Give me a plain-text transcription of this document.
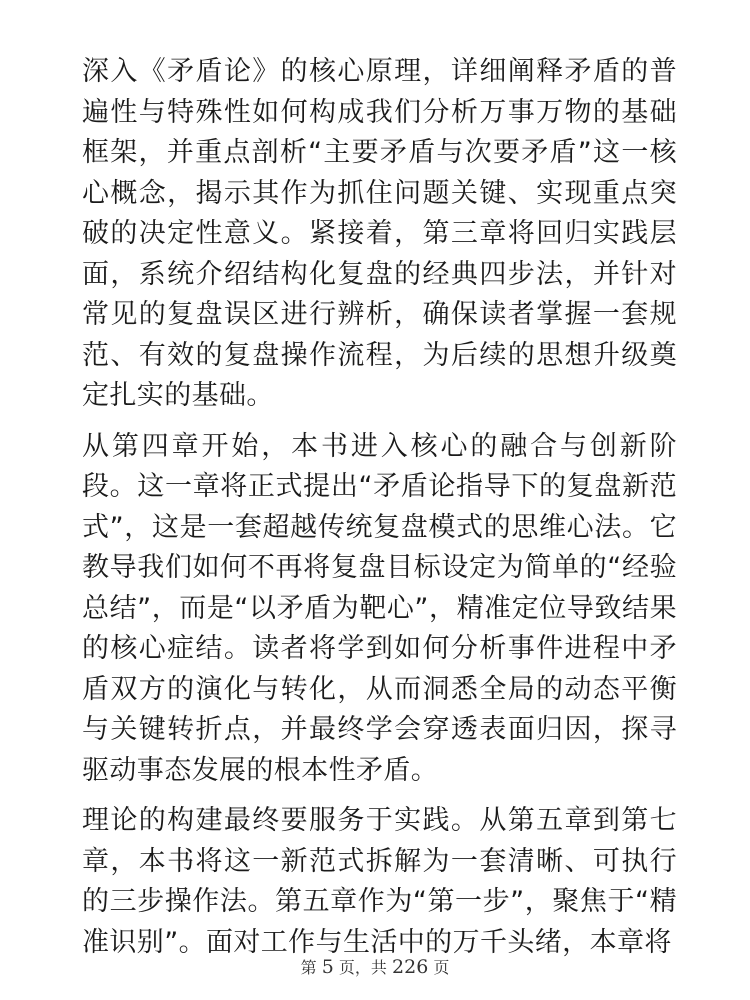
深入《矛盾论》的核心原理，详细阐释矛盾的普遍性与特殊性如何构成我们分析万事万物的基础框架，并重点剖析“主要矛盾与次要矛盾”这一核心概念，揭示其作为抓住问题关键、实现重点突破的决定性意义。紧接着，第三章将回归实践层面，系统介绍结构化复盘的经典四步法，并针对常见的复盘误区进行辨析，确保读者掌握一套规范、有效的复盘操作流程，为后续的思想升级奠定扎实的基础。

从第四章开始，本书进入核心的融合与创新阶段。这一章将正式提出“矛盾论指导下的复盘新范式”，这是一套超越传统复盘模式的思维心法。它教导我们如何不再将复盘目标设定为简单的“经验总结”，而是“以矛盾为靶心”，精准定位导致结果的核心症结。读者将学到如何分析事件进程中矛盾双方的演化与转化，从而洞悉全局的动态平衡与关键转折点，并最终学会穿透表面归因，探寻驱动事态发展的根本性矛盾。

理论的构建最终要服务于实践。从第五章到第七章，本书将这一新范式拆解为一套清晰、可执行的三步操作法。第五章作为“第一步”，聚焦于“精准识别”。面对工作与生活中的万千头绪，本章将

第 5 页，共 226 页
